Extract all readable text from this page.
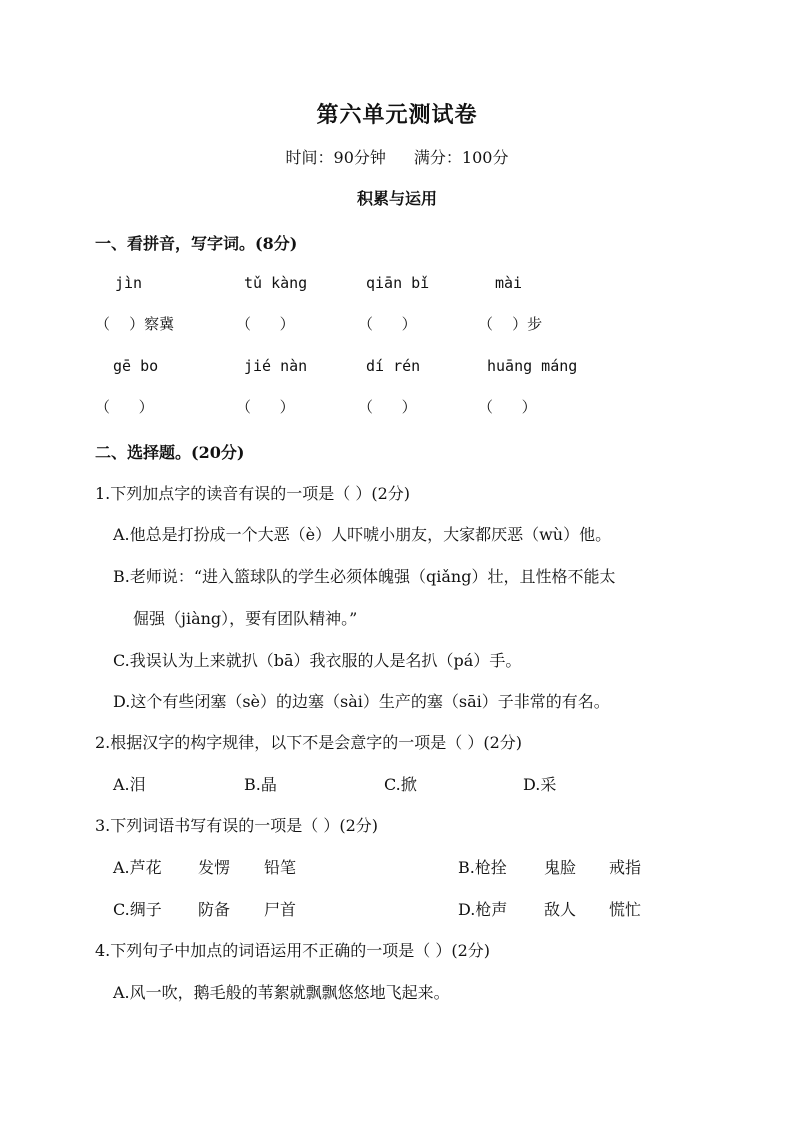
第六单元测试卷
时间：90分钟 满分：100分
积累与运用
一、看拼音，写字词。(8分)
jìn	tǔ kàng	qiān bǐ	mài
（    ）察冀	（      ）	（      ）	（    ）步
gē bo	jié nàn	dí rén	huāng máng
（      ）	（      ）	（      ）	（      ）
二、选择题。(20分)
1.下列加点字的读音有误的一项是（ ）(2分)
A.他总是打扮成一个大恶（è）人吓唬小朋友，大家都厌恶（wù）他。
B.老师说：“进入篮球队的学生必须体魄强（qiǎng）壮，且性格不能太
倔强（jiàng），要有团队精神。”
C.我误认为上来就扒（bā）我衣服的人是名扒（pá）手。
D.这个有些闭塞（sè）的边塞（sài）生产的塞（sāi）子非常的有名。
2.根据汉字的构字规律，以下不是会意字的一项是（ ）(2分)
A.泪	B.晶	C.掀	D.采
3.下列词语书写有误的一项是（ ）(2分)
A.芦花 发愣 铅笔	B.枪拴 鬼脸 戒指
C.绸子 防备 尸首	D.枪声 敌人 慌忙
4.下列句子中加点的词语运用不正确的一项是（ ）(2分)
A.风一吹，鹅毛般的苇絮就飘飘悠悠地飞起来。
